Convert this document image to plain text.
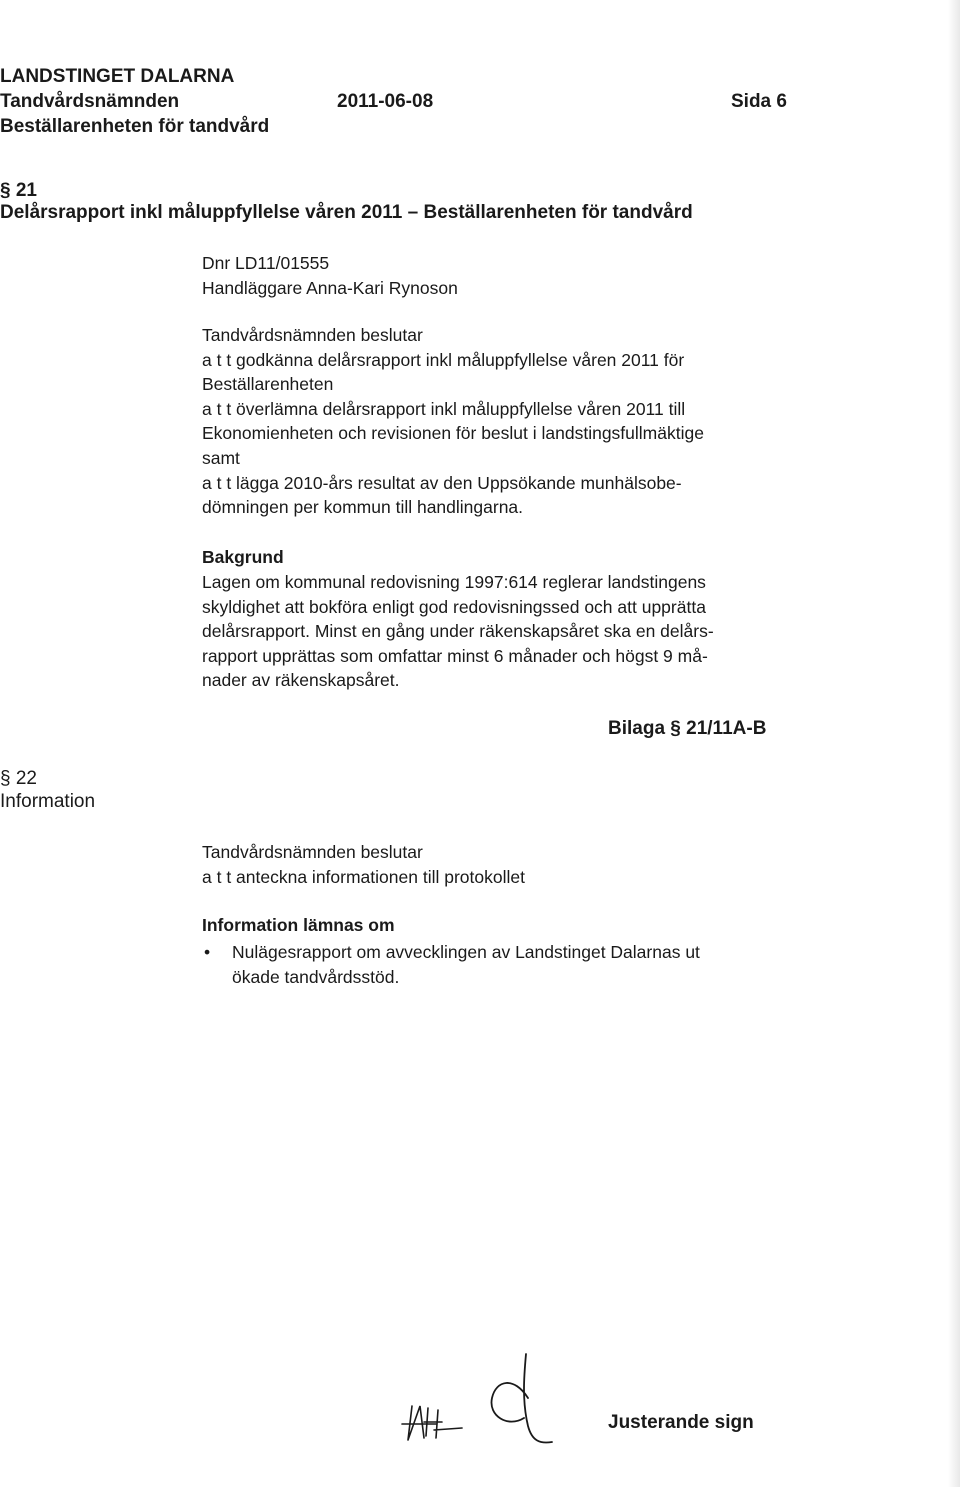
LANDSTINGET DALARNA
Tandvårdsnämnden	2011-06-08	Sida 6
Beställarenheten för tandvård
§ 21
Delårsrapport inkl måluppfyllelse våren 2011 – Beställarenheten för tandvård
Dnr LD11/01555
Handläggare Anna-Kari Rynoson
Tandvårdsnämnden beslutar
a t t godkänna delårsrapport inkl måluppfyllelse våren 2011 för
Beställarenheten
a t t överlämna delårsrapport inkl måluppfyllelse våren 2011 till
Ekonomienheten och revisionen för beslut i landstingsfullmäktige
samt
a t t lägga 2010-års resultat av den Uppsökande munhälsobe-
dömningen per kommun till handlingarna.
Bakgrund
Lagen om kommunal redovisning 1997:614 reglerar landstingens
skyldighet att bokföra enligt god redovisningssed och att upprätta
delårsrapport. Minst en gång under räkenskapsåret ska en delårs-
rapport upprättas som omfattar minst 6 månader och högst 9 må-
nader av räkenskapsåret.
Bilaga § 21/11A-B
§ 22
Information
Tandvårdsnämnden beslutar
a t t anteckna informationen till protokollet
Information lämnas om
• Nulägesrapport om avvecklingen av Landstinget Dalarnas ut
ökade tandvårdsstöd.
Justerande sign
